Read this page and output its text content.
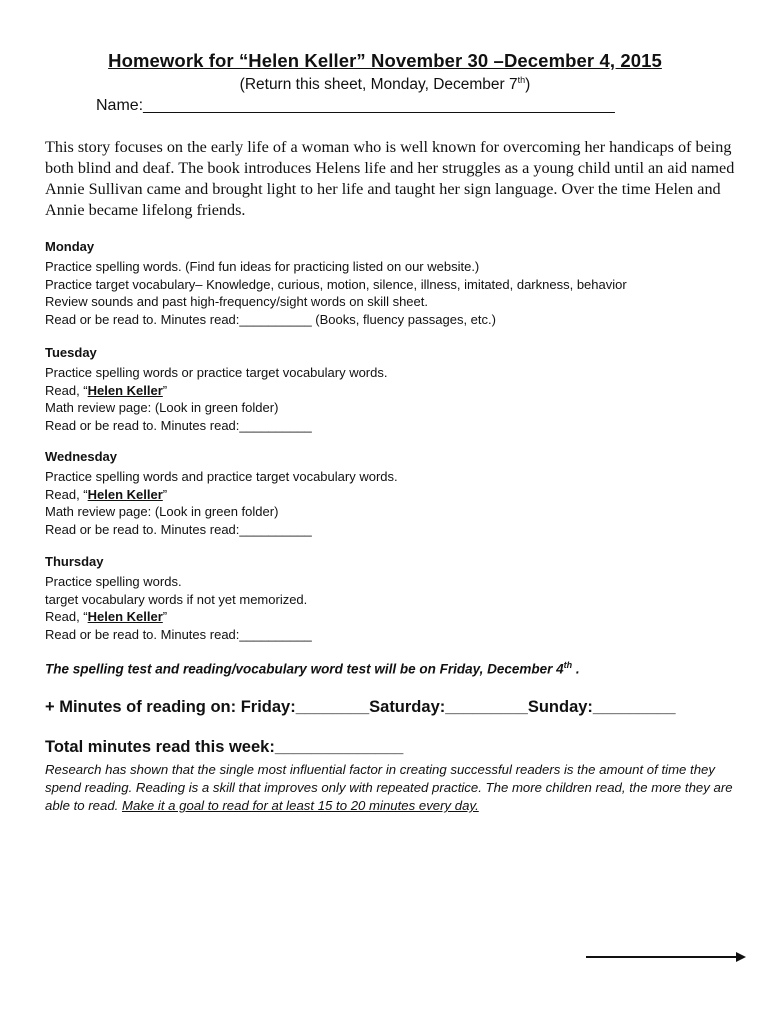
Homework for “Helen Keller” November 30 –December 4, 2015
(Return this sheet, Monday, December 7th)
Name:_____________________________________________________
This story focuses on the early life of a woman who is well known for overcoming her handicaps of being both blind and deaf. The book introduces Helens life and her struggles as a young child until an aid named Annie Sullivan came and brought light to her life and taught her sign language. Over the time Helen and Annie became lifelong friends.
Monday
Practice spelling words. (Find fun ideas for practicing listed on our website.)
Practice target vocabulary– Knowledge, curious, motion, silence, illness, imitated, darkness, behavior
Review sounds and past high-frequency/sight words on skill sheet.
Read or be read to. Minutes read:__________ (Books, fluency passages, etc.)
Tuesday
Practice spelling words or practice target vocabulary words.
Read, “Helen Keller”
Math review page: (Look in green folder)
Read or be read to. Minutes read:__________
Wednesday
Practice spelling words and practice target vocabulary words.
Read, “Helen Keller”
Math review page: (Look in green folder)
Read or be read to. Minutes read:__________
Thursday
Practice spelling words.
target vocabulary words if not yet memorized.
Read, “Helen Keller”
Read or be read to. Minutes read:__________
The spelling test and reading/vocabulary word test will be on Friday, December 4th .
+ Minutes of reading on: Friday:________Saturday:_________Sunday:_________
Total minutes read this week:______________
Research has shown that the single most influential factor in creating successful readers is the amount of time they spend reading. Reading is a skill that improves only with repeated practice. The more children read, the more they are able to read. Make it a goal to read for at least 15 to 20 minutes every day.
